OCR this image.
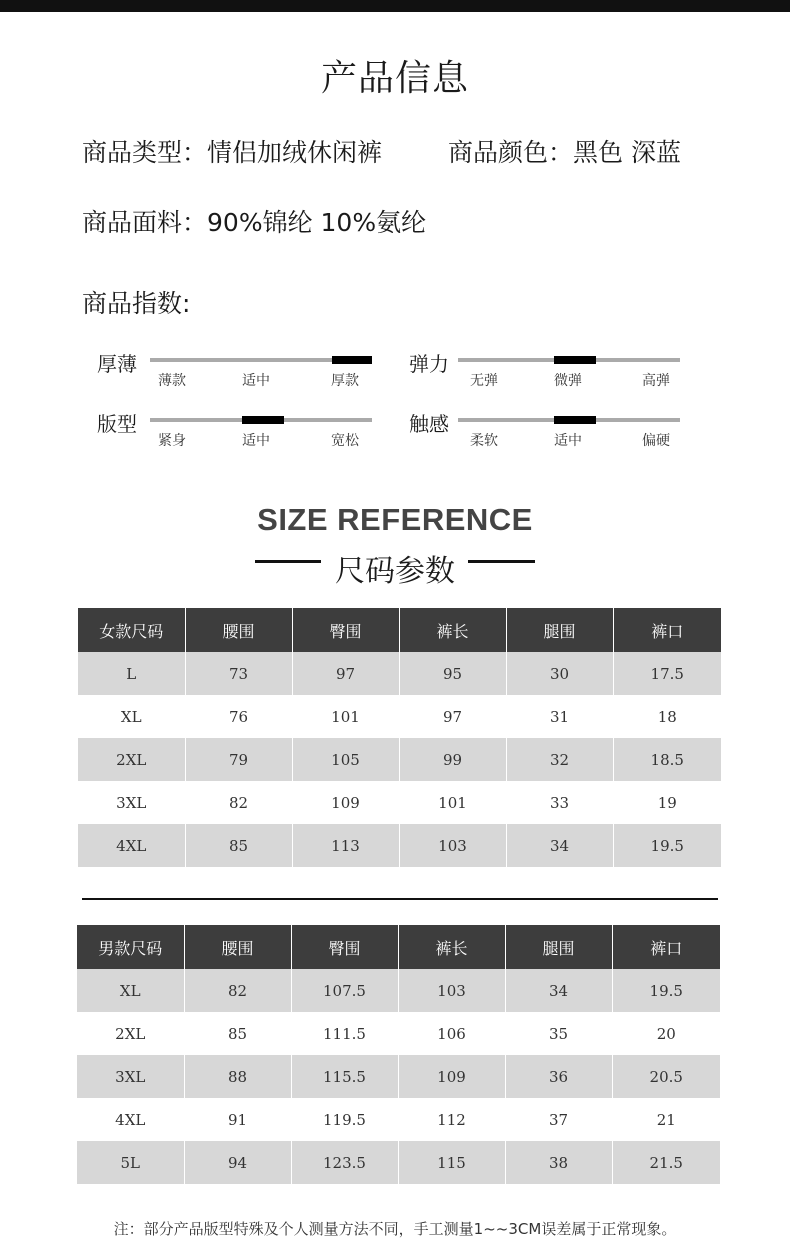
产品信息
商品类型：情侣加绒休闲裤	商品颜色：黑色 深蓝
商品面料：90%锦纶 10%氨纶
商品指数:
厚薄
薄款	适中	厚款
弹力
无弹	微弹	高弹
版型
紧身	适中	宽松
触感
柔软	适中	偏硬
SIZE REFERENCE
尺码参数
女款尺码	腰围	臀围	裤长	腿围	裤口
L	73	97	95	30	17.5
XL	76	101	97	31	18
2XL	79	105	99	32	18.5
3XL	82	109	101	33	19
4XL	85	113	103	34	19.5
男款尺码	腰围	臀围	裤长	腿围	裤口
XL	82	107.5	103	34	19.5
2XL	85	111.5	106	35	20
3XL	88	115.5	109	36	20.5
4XL	91	119.5	112	37	21
5L	94	123.5	115	38	21.5

注：部分产品版型特殊及个人测量方法不同，手工测量1~~3CM误差属于正常现象。
